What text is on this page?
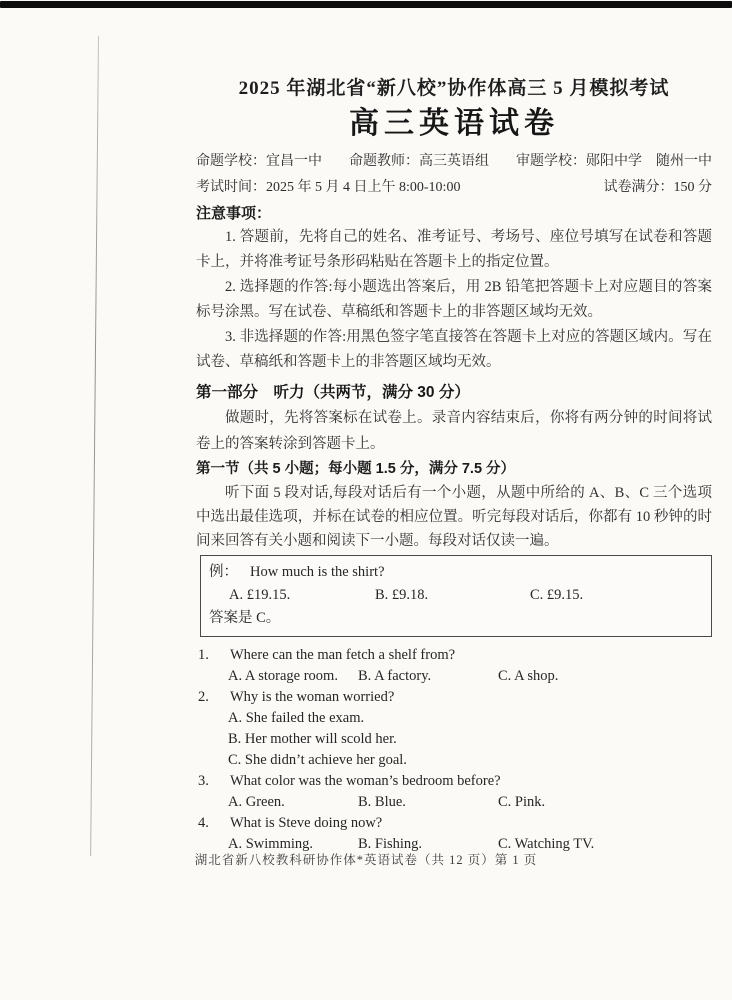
2025 年湖北省“新八校”协作体高三 5 月模拟考试
高三英语试卷
命题学校：宜昌一中 命题教师：高三英语组 审题学校：郧阳中学　随州一中
考试时间：2025 年 5 月 4 日上午 8:00-10:00	试卷满分：150 分
注意事项：

1. 答题前，先将自己的姓名、准考证号、考场号、座位号填写在试卷和答题卡上，并将准考证号条形码粘贴在答题卡上的指定位置。

2. 选择题的作答:每小题选出答案后，用 2B 铅笔把答题卡上对应题目的答案标号涂黑。写在试卷、草稿纸和答题卡上的非答题区域均无效。

3. 非选择题的作答:用黑色签字笔直接答在答题卡上对应的答题区域内。写在试卷、草稿纸和答题卡上的非答题区域均无效。

第一部分　听力（共两节，满分 30 分）

做题时，先将答案标在试卷上。录音内容结束后，你将有两分钟的时间将试卷上的答案转涂到答题卡上。

第一节（共 5 小题；每小题 1.5 分，满分 7.5 分）

听下面 5 段对话,每段对话后有一个小题，从题中所给的 A、B、C 三个选项中选出最佳选项，并标在试卷的相应位置。听完每段对话后，你都有 10 秒钟的时间来回答有关小题和阅读下一小题。每段对话仅读一遍。

例： How much is the shirt?
A. £19.15.	B. £9.18.	C. £9.15.
答案是 C。
1.	Where can the man fetch a shelf from?
A. A storage room.	B. A factory.	C. A shop.
2.	Why is the woman worried?
A. She failed the exam.
B. Her mother will scold her.
C. She didn’t achieve her goal.
3.	What color was the woman’s bedroom before?
A. Green.	B. Blue.	C. Pink.
4.	What is Steve doing now?
A. Swimming.	B. Fishing.	C. Watching TV.
湖北省新八校教科研协作体*英语试卷（共 12 页）第 1 页
